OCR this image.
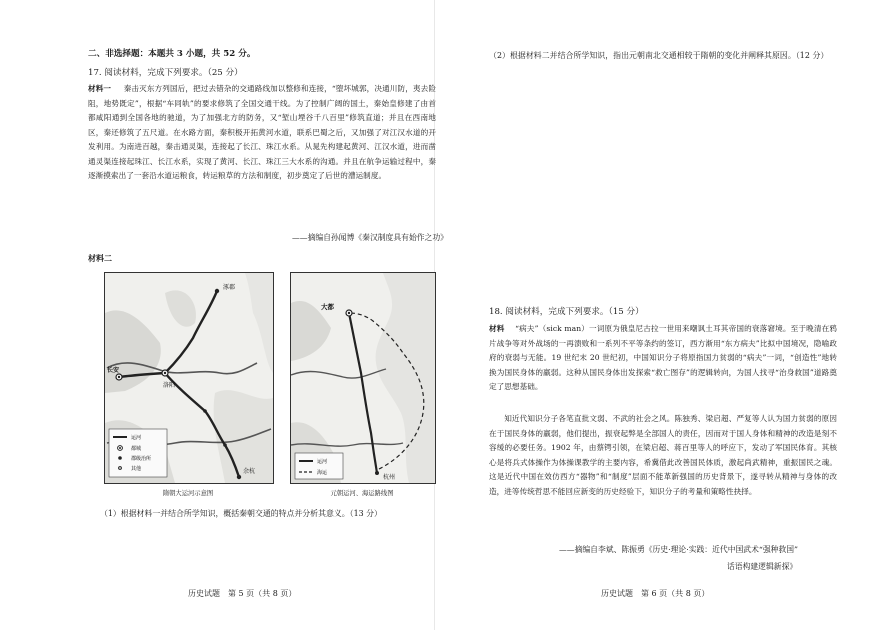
二、非选择题：本题共 3 小题，共 52 分。
17. 阅读材料，完成下列要求。（25 分）
材料一 秦击灭东方列国后，把过去错杂的交通路线加以整修和连接，“堕坏城郭，决通川防，夷去险阻，地势既定”，根据“车同轨”的要求修筑了全国交通干线。为了控制广阔的国土，秦始皇修建了由首都咸阳通到全国各地的驰道，为了加强北方的防务，又“堑山堙谷千八百里”修筑直道；并且在西南地区，秦还修筑了五尺道。在水路方面，秦积极开拓黄河水道，联系巴蜀之后，又加强了对江汉水道的开发利用。为南进百越，秦击通灵渠，连接起了长江、珠江水系。从晁先构建起黄河、江汉水道，进而凿通灵渠连接起珠江、长江水系，实现了黄河、长江、珠江三大水系的沟通。并且在航争运输过程中，秦逐渐摸索出了一套沿水道运粮食，转运粮草的方法和制度，初步奠定了后世的漕运制度。
——摘编自孙闻博《秦汉制度具有始作之功》
材料二
涿郡
洛阳
长安
余杭
运河
都城
郡级治所
其他
隋朝大运河示意图
大都
杭州
运河
海运
元朝运河、海运路线图
（1）根据材料一并结合所学知识，概括秦朝交通的特点并分析其意义。（13 分）
历史试题　第 5 页（共 8 页）
（2）根据材料二并结合所学知识，指出元朝南北交通相较于隋朝的变化并阐释其原因。（12 分）
18. 阅读材料，完成下列要求。（15 分）
材料 “病夫”（sick man）一词原为俄皇尼古拉一世用来嘲讽土耳其帝国的衰落窘境。至于晚清在鸦片战争等对外战场的一再溃败和一系列不平等条约的签订，西方渐用“东方病夫”比拟中国境况，隐喻政府的衰弱与无能。19 世纪末 20 世纪初，中国知识分子将原指国力贫弱的“病夫”一词，“创造性”地转换为国民身体的羸弱。这种从国民身体出发探索“救亡图存”的逻辑转向，为国人找寻“治身救国”道路奠定了思想基础。
知近代知识分子各笔直批文弱、不武的社会之风。陈独秀、梁启超、严复等人认为国力贫弱的原因在于国民身体的羸弱，他们提出，振衰起弊是全部国人的责任，因而对于国人身体和精神的改造是刻不容缓的必要任务。1902 年，由蔡锷引领，在梁启超、蒋百里等人的呼应下，发动了军国民体育。其核心是将兵式体操作为体操课教学的主要内容，希冀借此改善国民体质，激起尚武精神，重振国民之魂。这是近代中国在效仿西方“器物”和“制度”层面不能革新强国的历史背景下，遂寻转从精神与身体的改造，进等传统哲思不能回应新变的历史经验下，知识分子的考量和策略性抉择。
——摘编自李斌、陈振勇《历史·理论·实践：近代中国武术“强种救国”
话语构建逻辑新探》
历史试题　第 6 页（共 8 页）
